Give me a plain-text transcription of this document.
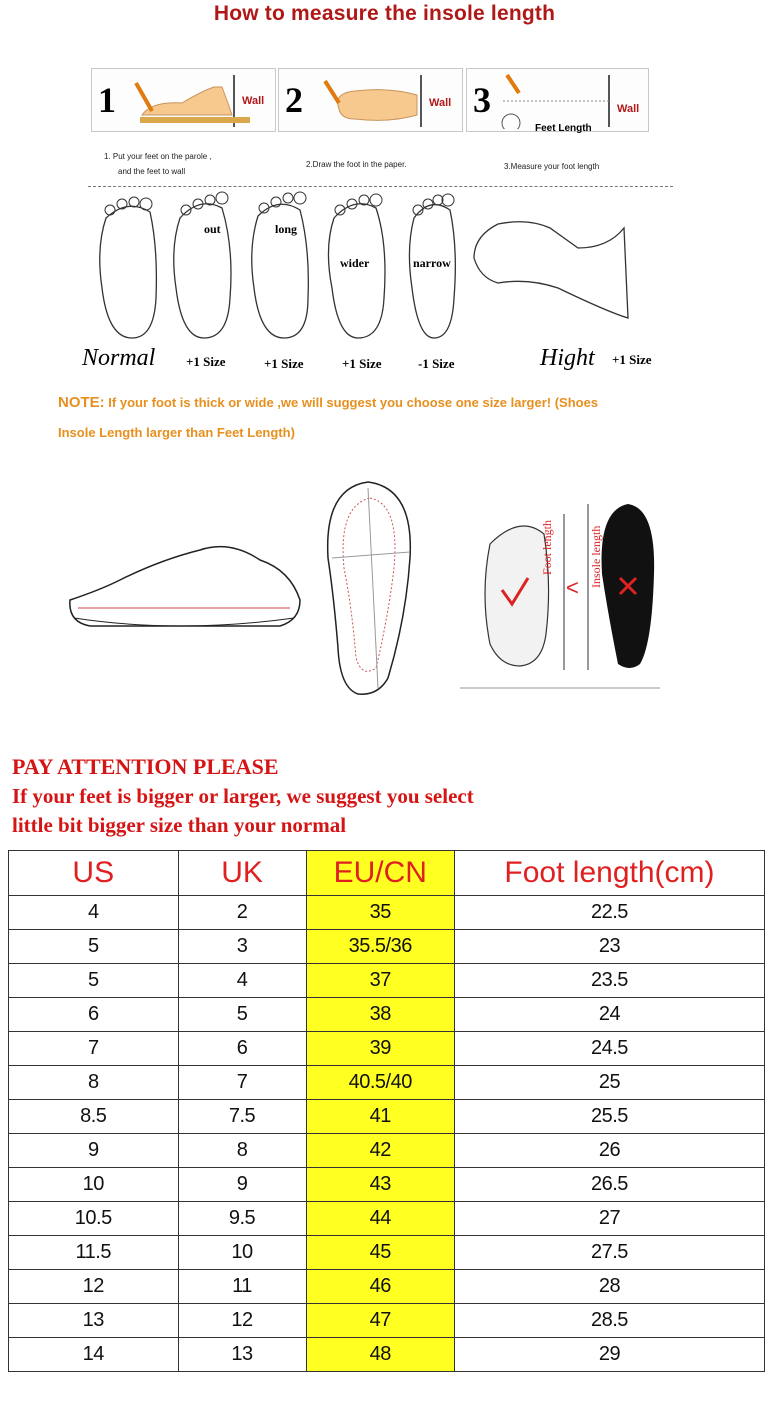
How to measure the insole length
1	Wall 2	Wall 3	Wall
Feet Length
1. Put your feet on the parole ,
and the feet to wall
2.Draw the foot in the paper.	3.Measure your foot length
out	long
wider	narrow
Normal +1 Size	+1 Size	+1 Size	-1 Size	Hight +1 Size
NOTE: If your foot is thick or wide ,we will suggest you choose one size larger! (Shoes
Insole Length larger than Feet Length)
Foot length
< Insole length
PAY ATTENTION PLEASE
If your feet is bigger or larger, we suggest you select
little bit bigger size than your normal
US	UK	EU/CN	Foot length(cm)
4	2	35	22.5
5	3	35.5/36	23
5	4	37	23.5
6	5	38	24
7	6	39	24.5
8	7	40.5/40	25
8.5	7.5	41	25.5
9	8	42	26
10	9	43	26.5
10.5	9.5	44	27
11.5	10	45	27.5
12	11	46	28
13	12	47	28.5
14	13	48	29
